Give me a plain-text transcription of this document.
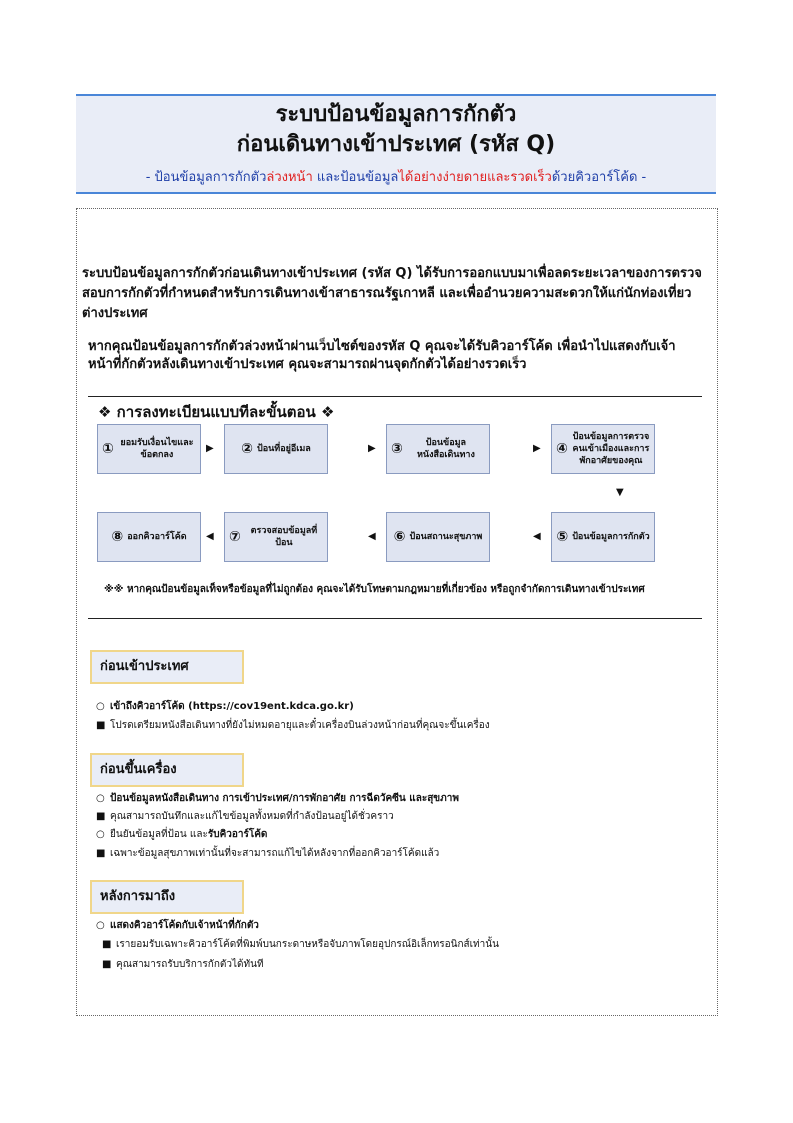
ระบบป้อนข้อมูลการกักตัว
ก่อนเดินทางเข้าประเทศ (รหัส Q)
- ป้อนข้อมูลการกักตัวล่วงหน้า และป้อนข้อมูลได้อย่างง่ายดายและรวดเร็วด้วยคิวอาร์โค้ด -
ระบบป้อนข้อมูลการกักตัวก่อนเดินทางเข้าประเทศ (รหัส Q) ได้รับการออกแบบมาเพื่อลดระยะเวลาของการตรวจสอบการกักตัวที่กำหนดสำหรับการเดินทางเข้าสาธารณรัฐเกาหลี และเพื่ออำนวยความสะดวกให้แก่นักท่องเที่ยวต่างประเทศ
หากคุณป้อนข้อมูลการกักตัวล่วงหน้าผ่านเว็บไซต์ของรหัส Q คุณจะได้รับคิวอาร์โค้ด เพื่อนำไปแสดงกับเจ้าหน้าที่กักตัวหลังเดินทางเข้าประเทศ คุณจะสามารถผ่านจุดกักตัวได้อย่างรวดเร็ว
❖ การลงทะเบียนแบบทีละขั้นตอน ❖
① ยอมรับเงื่อนไขและข้อตกลง
▶ ② ป้อนที่อยู่อีเมล	▶ ③	ป้อนข้อมูลหนังสือเดินทาง
▶ ④
ป้อนข้อมูลการตรวจคนเข้าเมืองและการพักอาศัยของคุณ
▼
⑧ ออกคิวอาร์โค้ด ◀ ⑦	ตรวจสอบข้อมูลที่ป้อน
◀ ⑥ ป้อนสถานะสุขภาพ	◀ ⑤ ป้อนข้อมูลการกักตัว
※※ หากคุณป้อนข้อมูลเท็จหรือข้อมูลที่ไม่ถูกต้อง คุณจะได้รับโทษตามกฎหมายที่เกี่ยวข้อง หรือถูกจำกัดการเดินทางเข้าประเทศ
ก่อนเข้าประเทศ
○ เข้าถึงคิวอาร์โค้ด (https://cov19ent.kdca.go.kr)
■ โปรดเตรียมหนังสือเดินทางที่ยังไม่หมดอายุและตั๋วเครื่องบินล่วงหน้าก่อนที่คุณจะขึ้นเครื่อง
ก่อนขึ้นเครื่อง
○ ป้อนข้อมูลหนังสือเดินทาง การเข้าประเทศ/การพักอาศัย การฉีดวัคซีน และสุขภาพ
■ คุณสามารถบันทึกและแก้ไขข้อมูลทั้งหมดที่กำลังป้อนอยู่ได้ชั่วคราว
○ ยืนยันข้อมูลที่ป้อน และรับคิวอาร์โค้ด
■ เฉพาะข้อมูลสุขภาพเท่านั้นที่จะสามารถแก้ไขได้หลังจากที่ออกคิวอาร์โค้ดแล้ว
หลังการมาถึง
○ แสดงคิวอาร์โค้ดกับเจ้าหน้าที่กักตัว
■ เรายอมรับเฉพาะคิวอาร์โค้ดที่พิมพ์บนกระดาษหรือจับภาพโดยอุปกรณ์อิเล็กทรอนิกส์เท่านั้น
■ คุณสามารถรับบริการกักตัวได้ทันที
